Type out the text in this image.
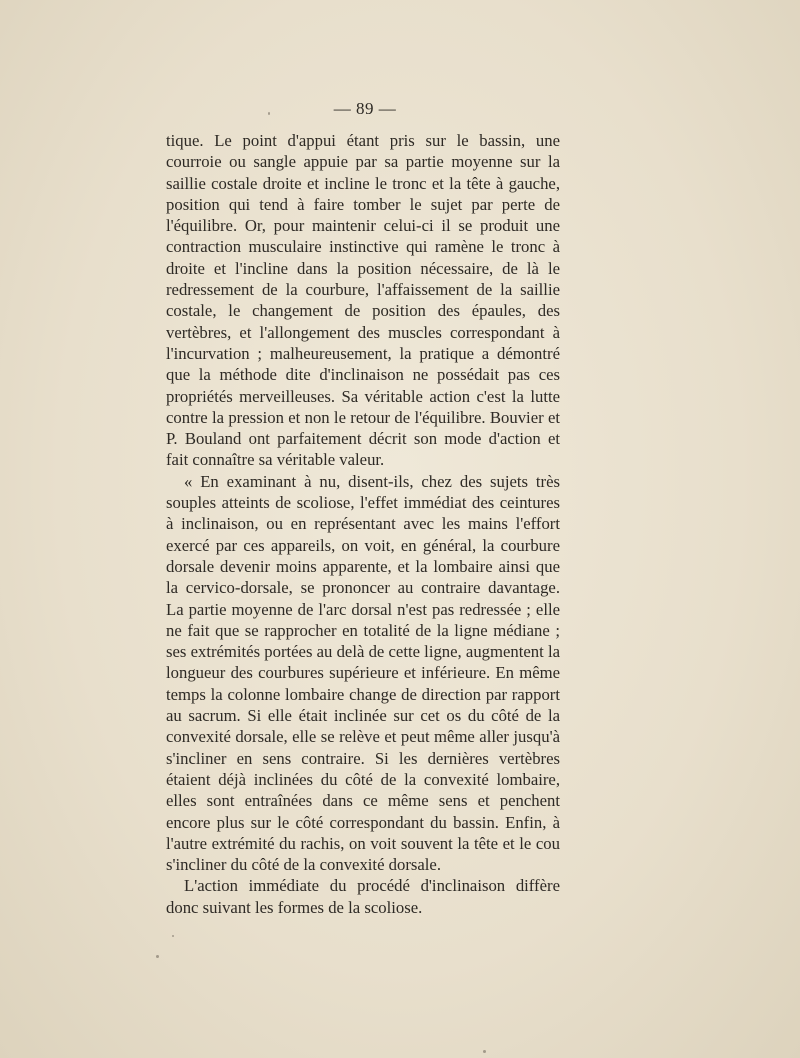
— 89 —

tique. Le point d'appui étant pris sur le bassin, une courroie ou sangle appuie par sa partie moyenne sur la saillie costale droite et incline le tronc et la tête à gauche, position qui tend à faire tomber le sujet par perte de l'équilibre. Or, pour maintenir celui-ci il se produit une contraction musculaire instinctive qui ramène le tronc à droite et l'incline dans la position nécessaire, de là le redressement de la courbure, l'affaissement de la saillie costale, le changement de position des épaules, des vertèbres, et l'allongement des muscles correspondant à l'incurvation ; malheureusement, la pratique a démontré que la méthode dite d'inclinaison ne possédait pas ces propriétés merveilleuses. Sa véritable action c'est la lutte contre la pression et non le retour de l'équilibre. Bouvier et P. Bouland ont parfaitement décrit son mode d'action et fait connaître sa véritable valeur.

« En examinant à nu, disent-ils, chez des sujets très souples atteints de scoliose, l'effet immédiat des ceintures à inclinaison, ou en représentant avec les mains l'effort exercé par ces appareils, on voit, en général, la courbure dorsale devenir moins apparente, et la lombaire ainsi que la cervico-dorsale, se prononcer au contraire davantage. La partie moyenne de l'arc dorsal n'est pas redressée ; elle ne fait que se rapprocher en totalité de la ligne médiane ; ses extrémités portées au delà de cette ligne, augmentent la longueur des courbures supérieure et inférieure. En même temps la colonne lombaire change de direction par rapport au sacrum. Si elle était inclinée sur cet os du côté de la convexité dorsale, elle se relève et peut même aller jusqu'à s'incliner en sens contraire. Si les dernières vertèbres étaient déjà inclinées du côté de la convexité lombaire, elles sont entraînées dans ce même sens et penchent encore plus sur le côté correspondant du bassin. Enfin, à l'autre extrémité du rachis, on voit souvent la tête et le cou s'incliner du côté de la convexité dorsale.

L'action immédiate du procédé d'inclinaison diffère donc suivant les formes de la scoliose.
